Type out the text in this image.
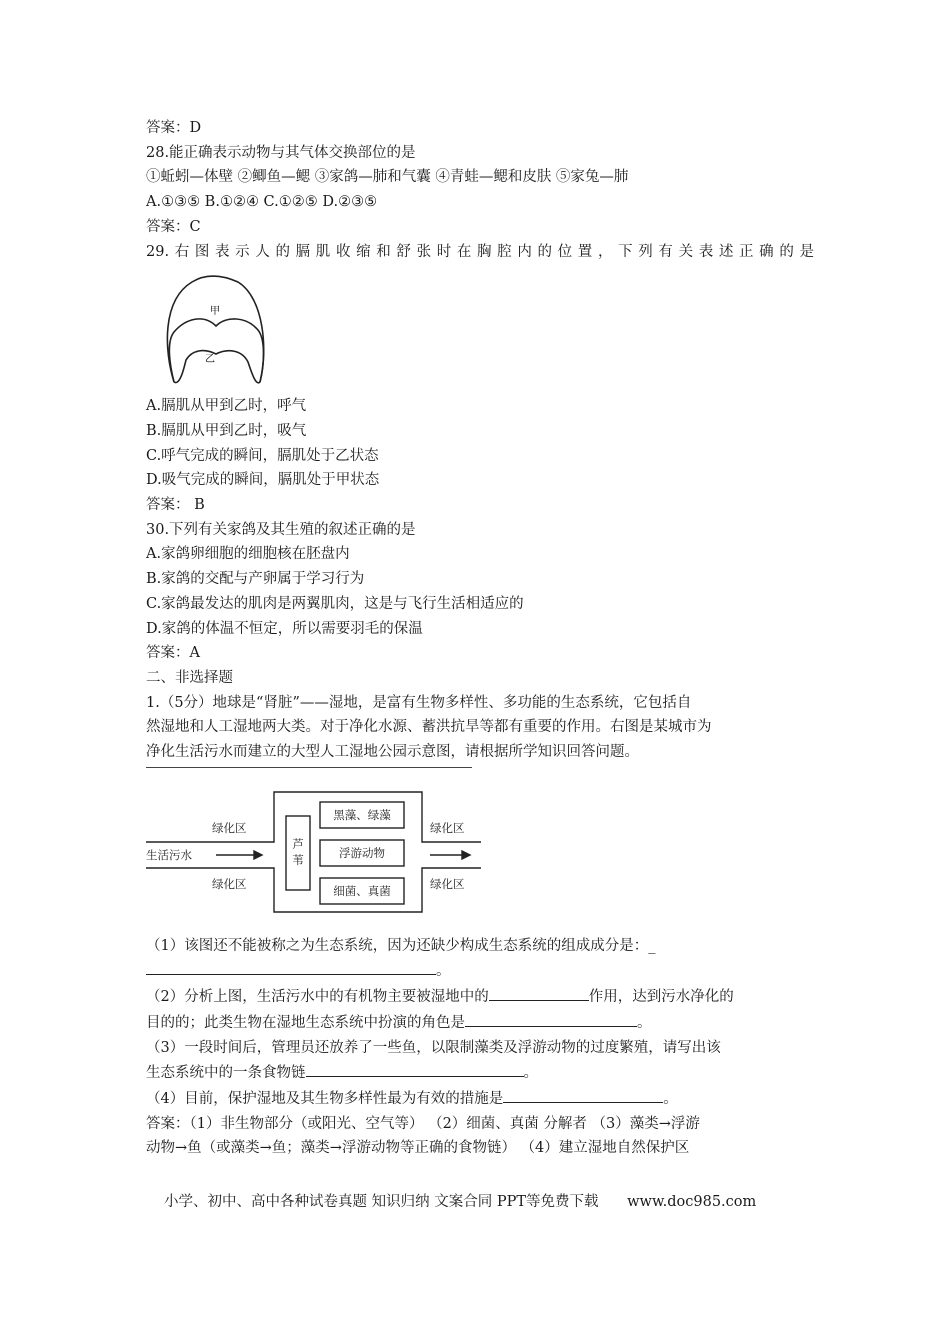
答案：D
28.能正确表示动物与其气体交换部位的是
①蚯蚓—体壁 ②鲫鱼—鳃 ③家鸽—肺和气囊 ④青蛙—鳃和皮肤 ⑤家兔—肺
A.①③⑤ B.①②④ C.①②⑤ D.②③⑤
答案：C
29.右图表示人的膈肌收缩和舒张时在胸腔内的位置，下列有关表述正确的是
甲
乙
A.膈肌从甲到乙时，呼气
B.膈肌从甲到乙时，吸气
C.呼气完成的瞬间，膈肌处于乙状态
D.吸气完成的瞬间，膈肌处于甲状态
答案： B
30.下列有关家鸽及其生殖的叙述正确的是
A.家鸽卵细胞的细胞核在胚盘内
B.家鸽的交配与产卵属于学习行为
C.家鸽最发达的肌肉是两翼肌肉，这是与飞行生活相适应的
D.家鸽的体温不恒定，所以需要羽毛的保温
答案：A
二、非选择题
1.（5分）地球是“肾脏”——湿地，是富有生物多样性、多功能的生态系统，它包括自
然湿地和人工湿地两大类。对于净化水源、蓄洪抗旱等都有重要的作用。右图是某城市为
净化生活污水而建立的大型人工湿地公园示意图，请根据所学知识回答问题。
生活污水
绿化区
绿化区
绿化区
绿化区
黑藻、绿藻
浮游动物
细菌、真菌
芦苇
（1）该图还不能被称之为生态系统，因为还缺少构成生态系统的组成成分是：_
。
（2）分析上图，生活污水中的有机物主要被湿地中的	作用，达到污水净化的
目的的；此类生物在湿地生态系统中扮演的角色是	。
（3）一段时间后，管理员还放养了一些鱼，以限制藻类及浮游动物的过度繁殖，请写出该
生态系统中的一条食物链	。
（4）目前，保护湿地及其生物多样性最为有效的措施是	。
答案：（1）非生物部分（或阳光、空气等） （2）细菌、真菌 分解者 （3）藻类→浮游
动物→鱼（或藻类→鱼；藻类→浮游动物等正确的食物链） （4）建立湿地自然保护区
小学、初中、高中各种试卷真题 知识归纳 文案合同 PPT等免费下载 www.doc985.com
